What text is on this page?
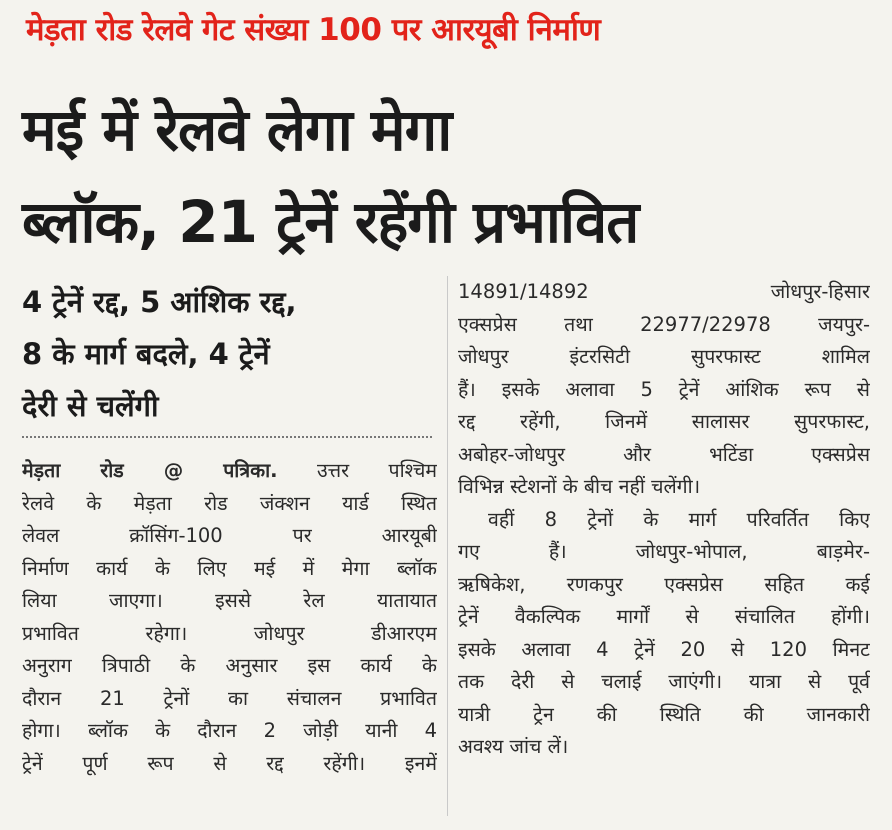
मेड़ता रोड रेलवे गेट संख्या 100 पर आरयूबी निर्माण
मई में रेलवे लेगा मेगा
ब्लॉक, 21 ट्रेनें रहेंगी प्रभावित
4 ट्रेनें रद्द, 5 आंशिक रद्द,
8 के मार्ग बदले, 4 ट्रेनें
देरी से चलेंगी
मेड़ता रोड @ पत्रिका. उत्तर पश्चिम
रेलवे के मेड़ता रोड जंक्शन यार्ड स्थित
लेवल क्रॉसिंग-100 पर आरयूबी
निर्माण कार्य के लिए मई में मेगा ब्लॉक
लिया जाएगा। इससे रेल यातायात
प्रभावित रहेगा। जोधपुर डीआरएम
अनुराग त्रिपाठी के अनुसार इस कार्य के
दौरान 21 ट्रेनों का संचालन प्रभावित
होगा। ब्लॉक के दौरान 2 जोड़ी यानी 4
ट्रेनें पूर्ण रूप से रद्द रहेंगी। इनमें
14891/14892 जोधपुर-हिसार
एक्सप्रेस तथा 22977/22978 जयपुर-
जोधपुर इंटरसिटी सुपरफास्ट शामिल
हैं। इसके अलावा 5 ट्रेनें आंशिक रूप से
रद्द रहेंगी, जिनमें सालासर सुपरफास्ट,
अबोहर-जोधपुर और भटिंडा एक्सप्रेस
विभिन्न स्टेशनों के बीच नहीं चलेंगी।
वहीं 8 ट्रेनों के मार्ग परिवर्तित किए
गए हैं। जोधपुर-भोपाल, बाड़मेर-
ऋषिकेश, रणकपुर एक्सप्रेस सहित कई
ट्रेनें वैकल्पिक मार्गों से संचालित होंगी।
इसके अलावा 4 ट्रेनें 20 से 120 मिनट
तक देरी से चलाई जाएंगी। यात्रा से पूर्व
यात्री ट्रेन की स्थिति की जानकारी
अवश्य जांच लें।
